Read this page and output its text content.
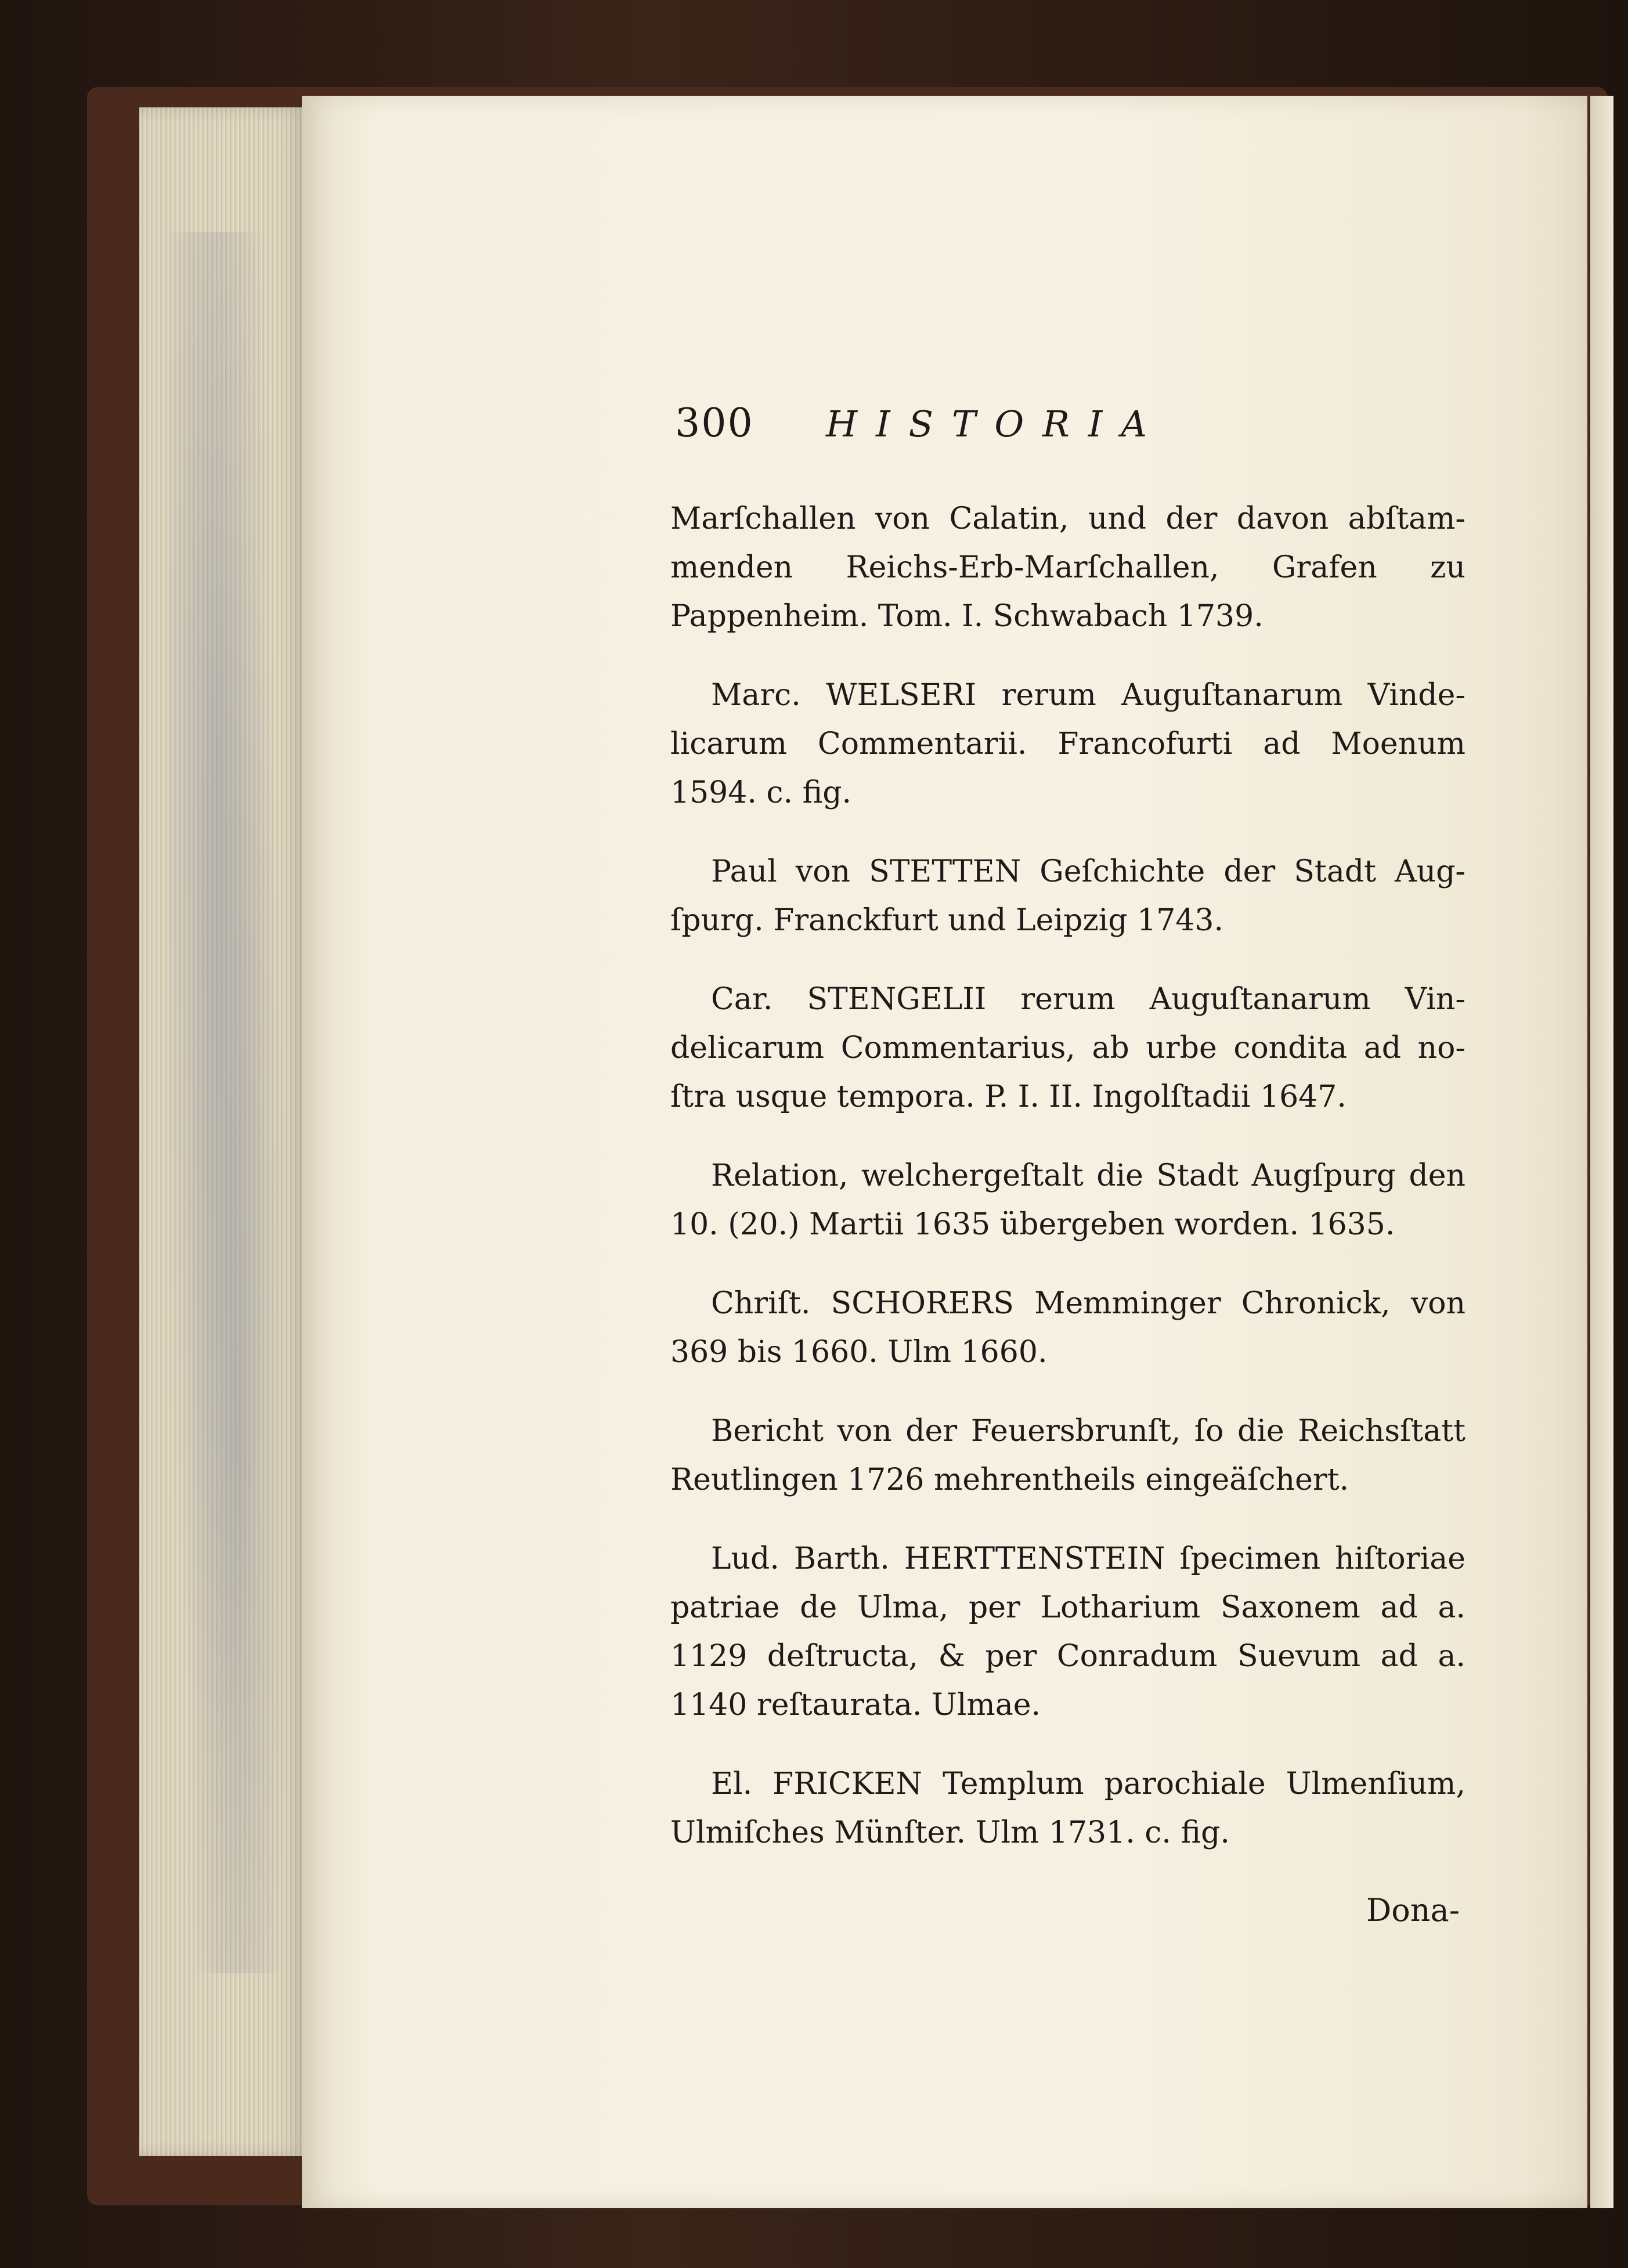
300	HISTORIA

Marſchallen von Calatin, und der davon abſtammenden Reichs-Erb-Marſchallen, Grafen zu Pappenheim. Tom. I. Schwabach 1739.

Marc. WELSERI rerum Auguſtanarum Vindelicarum Commentarii. Francofurti ad Moenum 1594. c. fig.

Paul von STETTEN Geſchichte der Stadt Augſpurg. Franckfurt und Leipzig 1743.

Car. STENGELII rerum Auguſtanarum Vindelicarum Commentarius, ab urbe condita ad noſtra usque tempora. P. I. II. Ingolſtadii 1647.

Relation, welchergeſtalt die Stadt Augſpurg den 10. (20.) Martii 1635 übergeben worden. 1635.

Chriſt. SCHORERS Memminger Chronick, von 369 bis 1660. Ulm 1660.

Bericht von der Feuersbrunſt, ſo die Reichsſtatt Reutlingen 1726 mehrentheils eingeäſchert.

Lud. Barth. HERTTENSTEIN ſpecimen hiſtoriae patriae de Ulma, per Lotharium Saxonem ad a. 1129 deſtructa, & per Conradum Suevum ad a. 1140 reſtaurata. Ulmae.

El. FRICKEN Templum parochiale Ulmenſium, Ulmiſches Münſter. Ulm 1731. c. fig.

Dona-
